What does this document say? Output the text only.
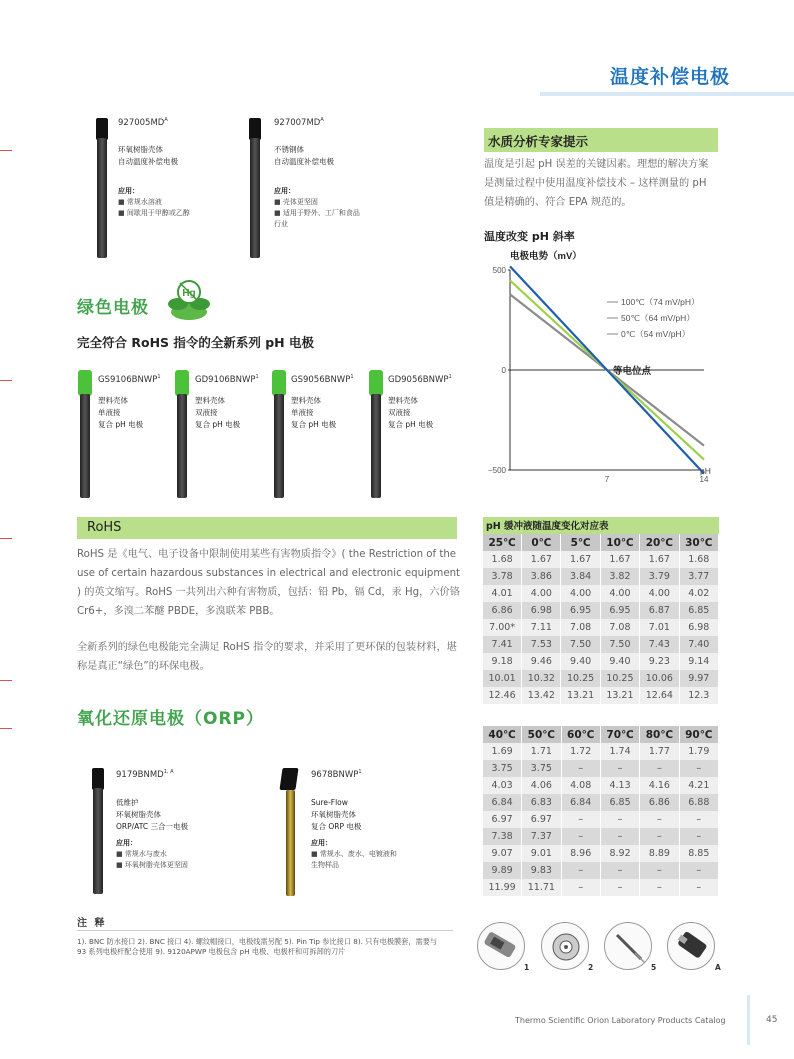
温度补偿电极
$927005MD^A$
环氧树脂壳体
自动温度补偿电极
应用：
■ 常规水溶液
■ 间歇用于甲醇或乙醇
$927007MD^A$
不锈钢体
自动温度补偿电极
应用：
■ 壳体更坚固
■ 适用于野外、工厂和食品
行业
绿色电极
Hg
完全符合 RoHS 指令的全新系列 pH 电极
GS9106BNWP$^1$
塑料壳体
单液接
复合 pH 电极
GD9106BNWP$^1$
塑料壳体
双液接
复合 pH 电极
GS9056BNWP$^1$
塑料壳体
单液接
复合 pH 电极
GD9056BNWP$^1$
塑料壳体
双液接
复合 pH 电极
RoHS
RoHS 是《电气、电子设备中限制使用某些有害物质指令》( the Restriction of the use of certain hazardous substances in electrical and electronic equipment ) 的英文缩写。RoHS 一共列出六种有害物质，包括：铅 Pb，镉 Cd，汞 Hg，六价铬 Cr6+，多溴二苯醚 PBDE，多溴联苯 PBB。
全新系列的绿色电极能完全满足 RoHS 指令的要求，并采用了更环保的包装材料，堪称是真正“绿色”的环保电极。
氧化还原电极（ORP）
$9179BNMD^{1, A}$
低维护
环氧树脂壳体
ORP/ATC 三合一电极
应用：
■ 常规水与废水
■ 环氧树脂壳体更坚固
9678BNWP$^1$
Sure-Flow
环氧树脂壳体
复合 ORP 电极
应用：
■ 常规水、废水、电镀液和
生物样品
水质分析专家提示
温度是引起 pH 误差的关键因素。理想的解决方案是测量过程中使用温度补偿技术 – 这样测量的 pH 值是精确的、符合 EPA 规范的。
温度改变 pH 斜率
电极电势（mV）
500
0
−500
7	14
100℃（74 mV/pH）
50℃（64 mV/pH）
0℃（54 mV/pH）
等电位点
pH
pH 缓冲液随温度变化对应表
25℃	0℃	5℃	10℃	20℃	30℃
1.68	1.67	1.67	1.67	1.67	1.68
3.78	3.86	3.84	3.82	3.79	3.77
4.01	4.00	4.00	4.00	4.00	4.02
6.86	6.98	6.95	6.95	6.87	6.85
7.00*	7.11	7.08	7.08	7.01	6.98
7.41	7.53	7.50	7.50	7.43	7.40
9.18	9.46	9.40	9.40	9.23	9.14
10.01	10.32	10.25	10.25	10.06	9.97
12.46	13.42	13.21	13.21	12.64	12.3
40℃	50℃	60℃	70℃	80℃	90℃
1.69	1.71	1.72	1.74	1.77	1.79
3.75	3.75	–	–	–	–
4.03	4.06	4.08	4.13	4.16	4.21
6.84	6.83	6.84	6.85	6.86	6.88
6.97	6.97	–	–	–	–
7.38	7.37	–	–	–	–
9.07	9.01	8.96	8.92	8.89	8.85
9.89	9.83	–	–	–	–
11.99	11.71	–	–	–	–
注 释
1). BNC 防水接口 2). BNC 接口 4). 螺纹帽接口，电极线需另配 5). Pin Tip 参比接口 8). 只有电极膜套，需要与 93 系列电极杆配合使用 9). 9120APWP 电极包含 pH 电极、电极杆和可拆卸的刀片
1	2	5	A
Thermo Scientific Orion Laboratory Products Catalog	45
